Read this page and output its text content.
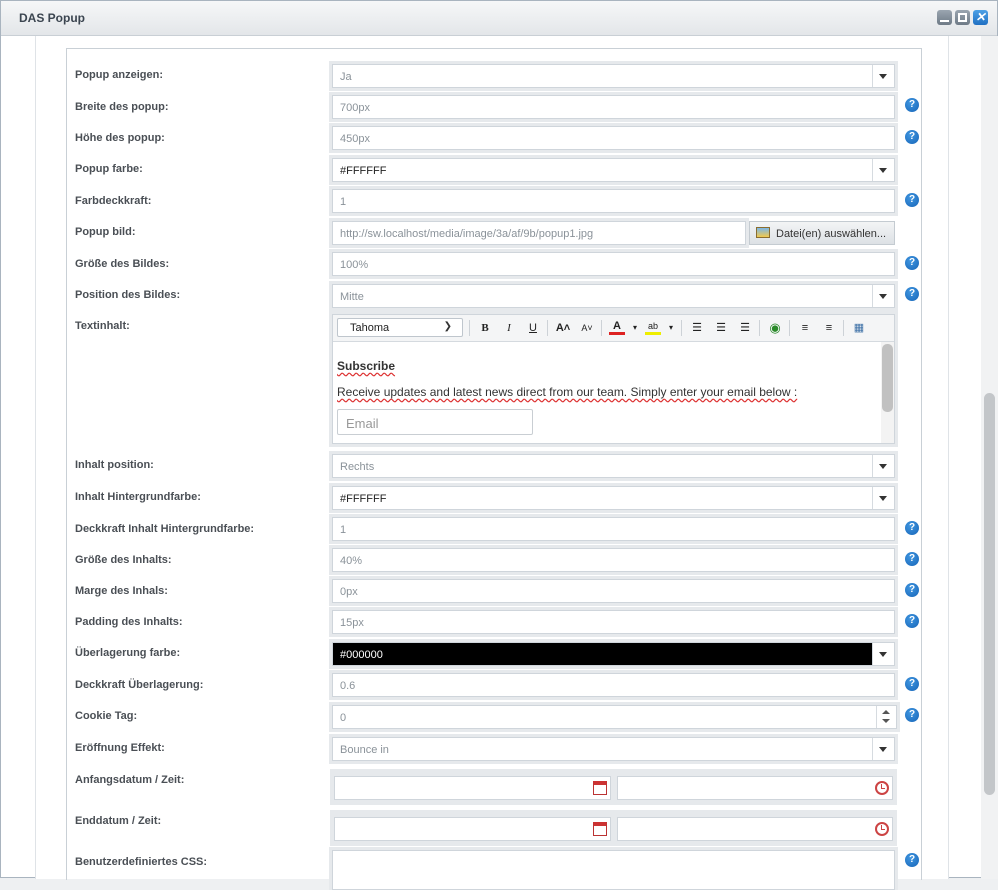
DAS Popup	✕
Popup anzeigen:	Ja
Breite des popup:	700px	?
Höhe des popup:	450px	?
Popup farbe:	#FFFFFF
Farbdeckkraft:	1	?
Popup bild:	http://sw.localhost/media/image/3a/af/9b/popup1.jpg	Datei(en) auswählen...
Größe des Bildes:	100%	?
Position des Bildes:	Mitte	?
Textinhalt:	Tahoma	❯	B	I	U	A˄ A˅	A	▾	ab	▾	☰ ☰ ☰ ◉	≡	≡	▦
Subscribe
Receive updates and latest news direct from our team. Simply enter your email below :
Email
Inhalt position:	Rechts
Inhalt Hintergrundfarbe:	#FFFFFF
Deckkraft Inhalt Hintergrundfarbe:	1	?
Größe des Inhalts:	40%	?
Marge des Inhals:	0px	?
Padding des Inhalts:	15px	?
Überlagerung farbe:	#000000
Deckkraft Überlagerung:	0.6	?
Cookie Tag:	0	?
Eröffnung Effekt:	Bounce in
Anfangsdatum / Zeit:
Enddatum / Zeit:
Benutzerdefiniertes CSS:	?
